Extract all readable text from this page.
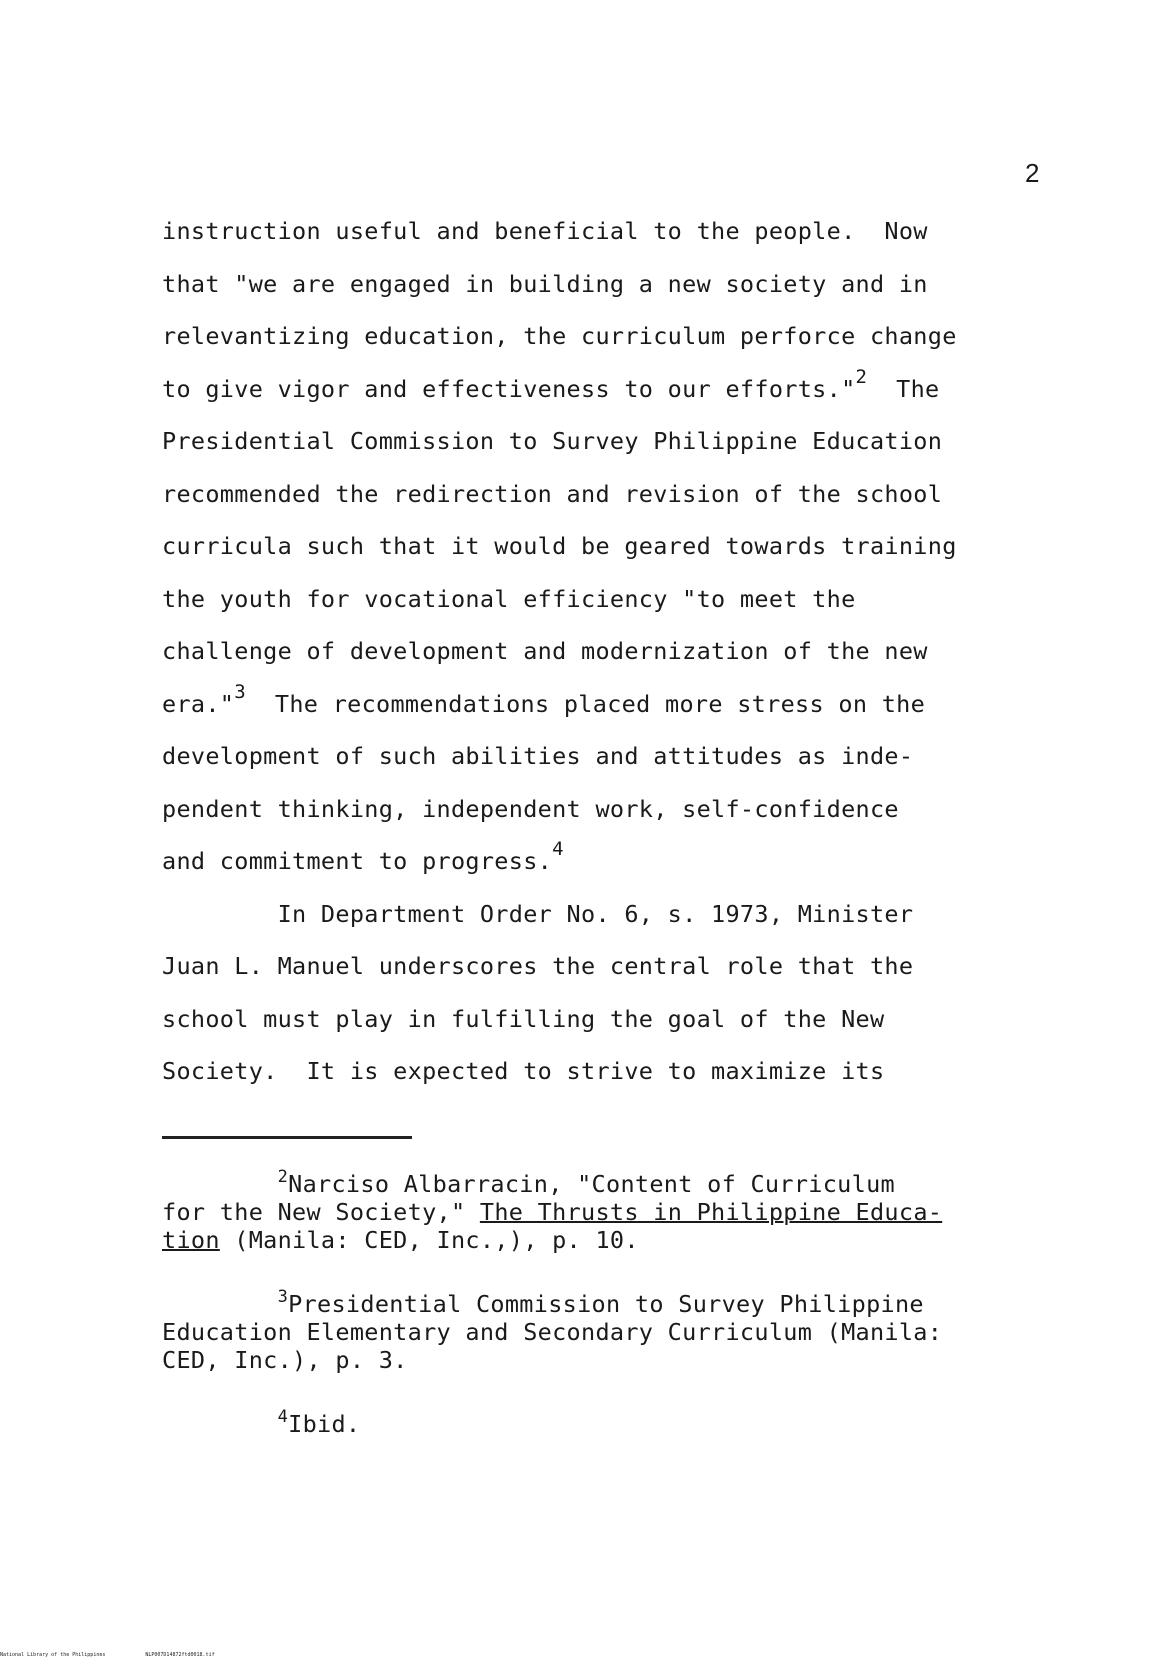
2
instruction useful and beneficial to the people.  Now
that "we are engaged in building a new society and in
relevantizing education, the curriculum perforce change
to give vigor and effectiveness to our efforts."$^2$  The
Presidential Commission to Survey Philippine Education
recommended the redirection and revision of the school
curricula such that it would be geared towards training
the youth for vocational efficiency "to meet the
challenge of development and modernization of the new
era."$^3$  The recommendations placed more stress on the
development of such abilities and attitudes as inde-
pendent thinking, independent work, self-confidence
and commitment to progress.$^4$
In Department Order No. 6, s. 1973, Minister
Juan L. Manuel underscores the central role that the
school must play in fulfilling the goal of the New
Society.  It is expected to strive to maximize its
$^2$Narciso Albarracin, "Content of Curriculum
for the New Society," The Thrusts in Philippine Educa-
tion (Manila: CED, Inc.,), p. 10.
$^3$Presidential Commission to Survey Philippine
Education Elementary and Secondary Curriculum (Manila:
CED, Inc.), p. 3.
$^4$Ibid.
National Library of the Philippines	NLP007D14872ftd0018.tif
